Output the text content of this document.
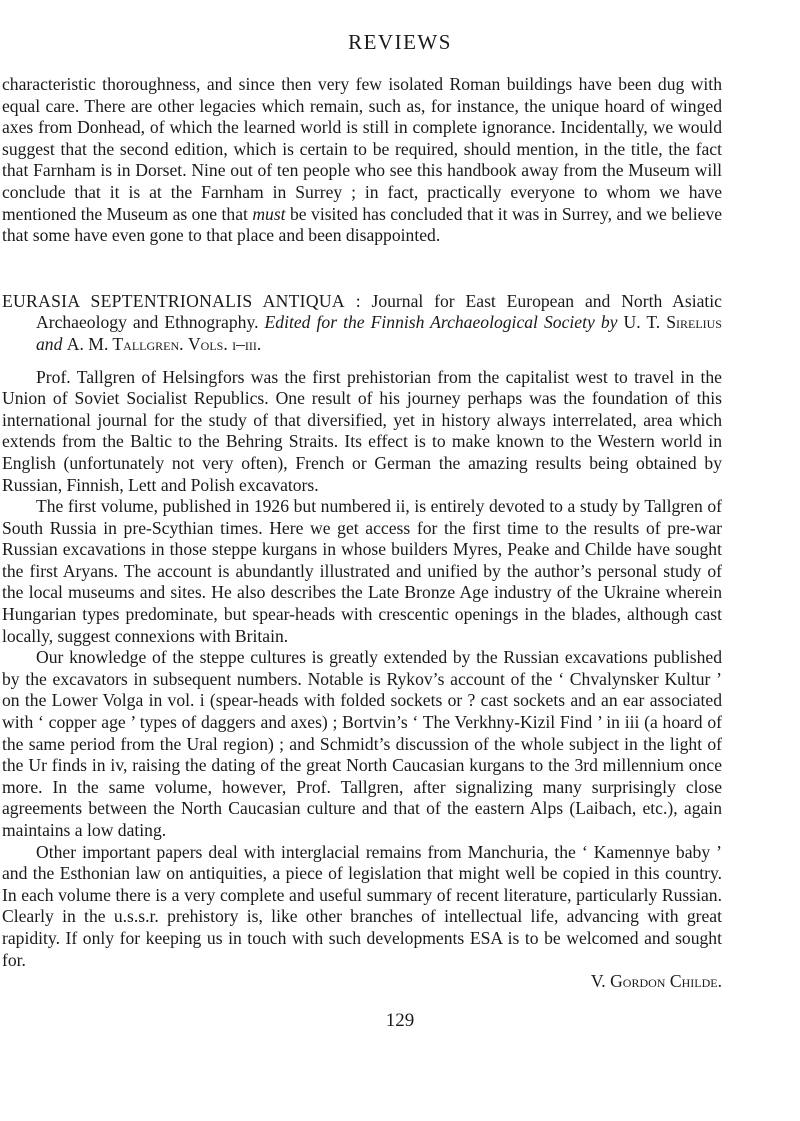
REVIEWS

characteristic thoroughness, and since then very few isolated Roman buildings have been dug with equal care. There are other legacies which remain, such as, for instance, the unique hoard of winged axes from Donhead, of which the learned world is still in complete ignorance. Incidentally, we would suggest that the second edition, which is certain to be required, should mention, in the title, the fact that Farnham is in Dorset. Nine out of ten people who see this handbook away from the Museum will conclude that it is at the Farnham in Surrey ; in fact, practically everyone to whom we have mentioned the Museum as one that must be visited has concluded that it was in Surrey, and we believe that some have even gone to that place and been disappointed.

EURASIA SEPTENTRIONALIS ANTIQUA : Journal for East European and North Asiatic Archaeology and Ethnography. Edited for the Finnish Archaeological Society by U. T. Sirelius and A. M. Tallgren. Vols. i–iii.

Prof. Tallgren of Helsingfors was the first prehistorian from the capitalist west to travel in the Union of Soviet Socialist Republics. One result of his journey perhaps was the foundation of this international journal for the study of that diversified, yet in history always interrelated, area which extends from the Baltic to the Behring Straits. Its effect is to make known to the Western world in English (unfortunately not very often), French or German the amazing results being obtained by Russian, Finnish, Lett and Polish excavators.

The first volume, published in 1926 but numbered ii, is entirely devoted to a study by Tallgren of South Russia in pre-Scythian times. Here we get access for the first time to the results of pre-war Russian excavations in those steppe kurgans in whose builders Myres, Peake and Childe have sought the first Aryans. The account is abundantly illustrated and unified by the author’s personal study of the local museums and sites. He also describes the Late Bronze Age industry of the Ukraine wherein Hungarian types predominate, but spear-heads with crescentic openings in the blades, although cast locally, suggest connexions with Britain.

Our knowledge of the steppe cultures is greatly extended by the Russian excavations published by the excavators in subsequent numbers. Notable is Rykov’s account of the ‘ Chvalynsker Kultur ’ on the Lower Volga in vol. i (spear-heads with folded sockets or ? cast sockets and an ear associated with ‘ copper age ’ types of daggers and axes) ; Bortvin’s ‘ The Verkhny-Kizil Find ’ in iii (a hoard of the same period from the Ural region) ; and Schmidt’s discussion of the whole subject in the light of the Ur finds in iv, raising the dating of the great North Caucasian kurgans to the 3rd millennium once more. In the same volume, however, Prof. Tallgren, after signalizing many surprisingly close agreements between the North Caucasian culture and that of the eastern Alps (Laibach, etc.), again maintains a low dating.

Other important papers deal with interglacial remains from Manchuria, the ‘ Kamennye baby ’ and the Esthonian law on antiquities, a piece of legislation that might well be copied in this country. In each volume there is a very complete and useful summary of recent literature, particularly Russian. Clearly in the u.s.s.r. prehistory is, like other branches of intellectual life, advancing with great rapidity. If only for keeping us in touch with such developments ESA is to be welcomed and sought for.

V. Gordon Childe.
129
